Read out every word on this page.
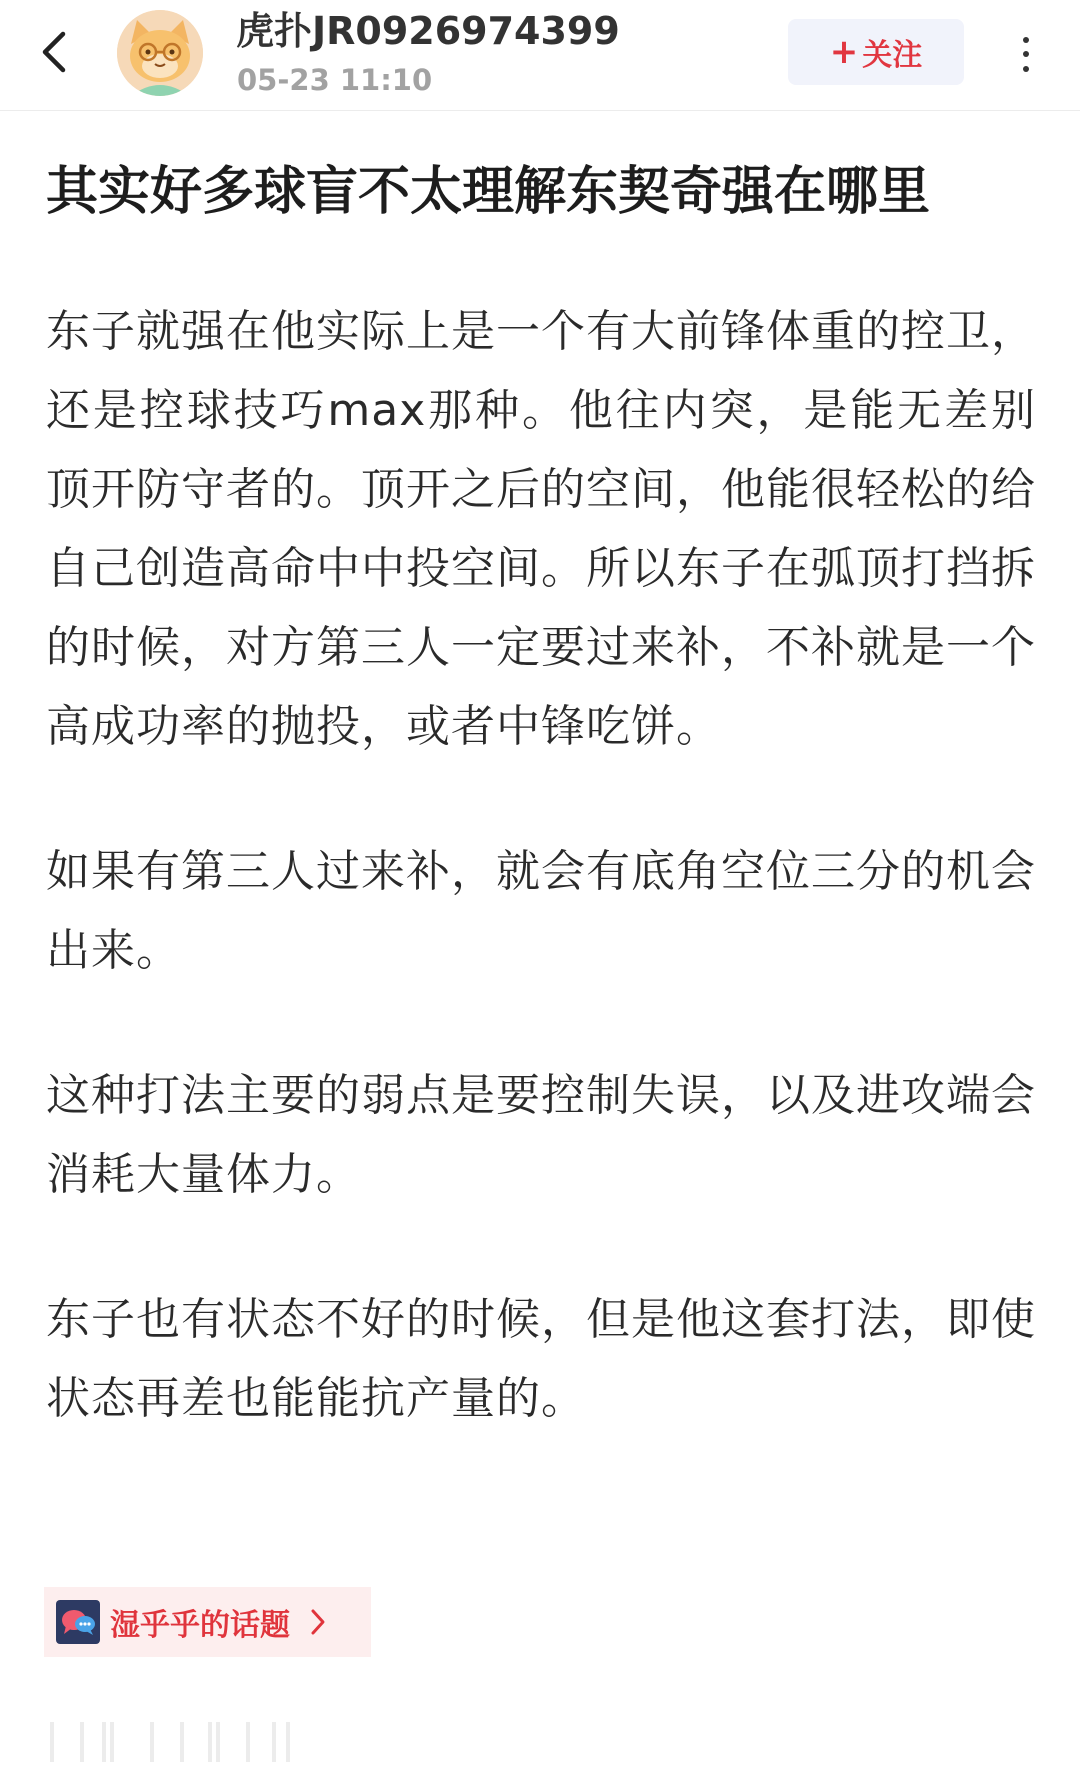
虎扑JR0926974399
05-23 11:10
+ 关注
其实好多球盲不太理解东契奇强在哪里

东子就强在他实际上是一个有大前锋体重的控卫，还是控球技巧max那种。他往内突，是能无差别顶开防守者的。顶开之后的空间，他能很轻松的给自己创造高命中中投空间。所以东子在弧顶打挡拆的时候，对方第三人一定要过来补，不补就是一个高成功率的抛投，或者中锋吃饼。

如果有第三人过来补，就会有底角空位三分的机会出来。

这种打法主要的弱点是要控制失误，以及进攻端会消耗大量体力。

东子也有状态不好的时候，但是他这套打法，即使状态再差也能能抗产量的。

湿乎乎的话题
